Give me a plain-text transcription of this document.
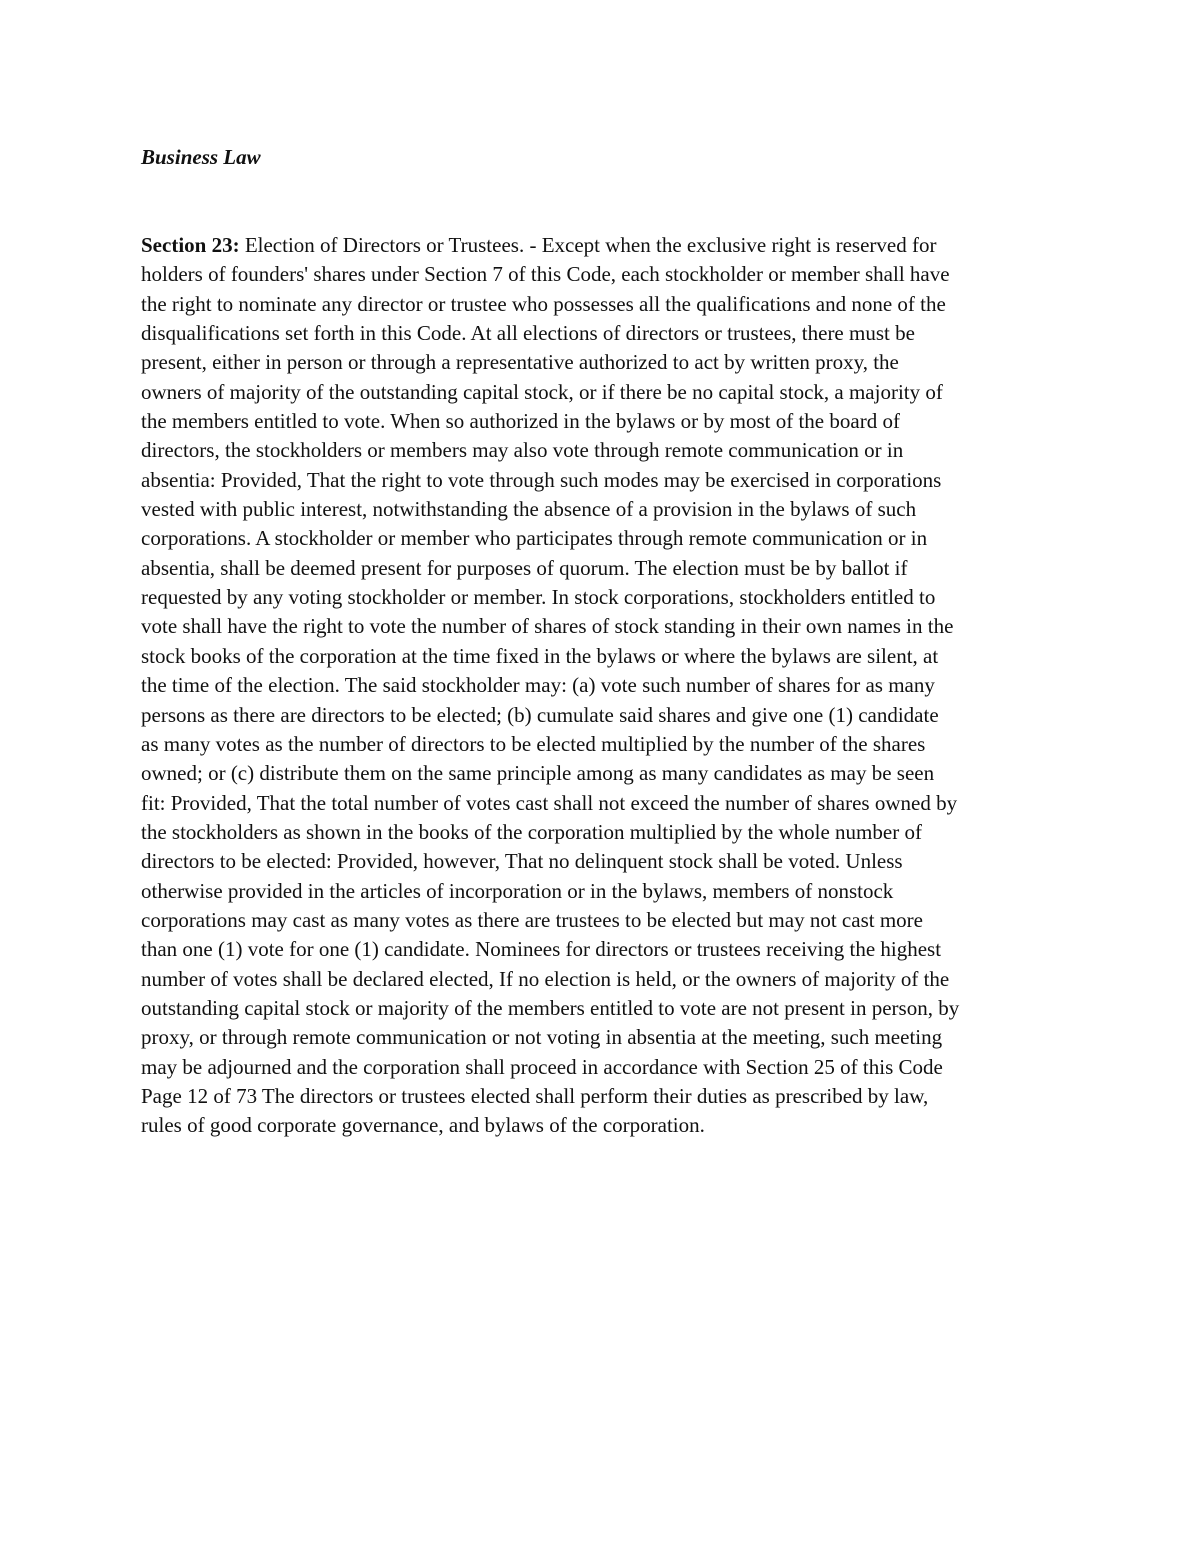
Business Law
Section 23: Election of Directors or Trustees. - Except when the exclusive right is reserved for
holders of founders' shares under Section 7 of this Code, each stockholder or member shall have
the right to nominate any director or trustee who possesses all the qualifications and none of the
disqualifications set forth in this Code. At all elections of directors or trustees, there must be
present, either in person or through a representative authorized to act by written proxy, the
owners of majority of the outstanding capital stock, or if there be no capital stock, a majority of
the members entitled to vote. When so authorized in the bylaws or by most of the board of
directors, the stockholders or members may also vote through remote communication or in
absentia: Provided, That the right to vote through such modes may be exercised in corporations
vested with public interest, notwithstanding the absence of a provision in the bylaws of such
corporations. A stockholder or member who participates through remote communication or in
absentia, shall be deemed present for purposes of quorum. The election must be by ballot if
requested by any voting stockholder or member. In stock corporations, stockholders entitled to
vote shall have the right to vote the number of shares of stock standing in their own names in the
stock books of the corporation at the time fixed in the bylaws or where the bylaws are silent, at
the time of the election. The said stockholder may: (a) vote such number of shares for as many
persons as there are directors to be elected; (b) cumulate said shares and give one (1) candidate
as many votes as the number of directors to be elected multiplied by the number of the shares
owned; or (c) distribute them on the same principle among as many candidates as may be seen
fit: Provided, That the total number of votes cast shall not exceed the number of shares owned by
the stockholders as shown in the books of the corporation multiplied by the whole number of
directors to be elected: Provided, however, That no delinquent stock shall be voted. Unless
otherwise provided in the articles of incorporation or in the bylaws, members of nonstock
corporations may cast as many votes as there are trustees to be elected but may not cast more
than one (1) vote for one (1) candidate. Nominees for directors or trustees receiving the highest
number of votes shall be declared elected, If no election is held, or the owners of majority of the
outstanding capital stock or majority of the members entitled to vote are not present in person, by
proxy, or through remote communication or not voting in absentia at the meeting, such meeting
may be adjourned and the corporation shall proceed in accordance with Section 25 of this Code
Page 12 of 73 The directors or trustees elected shall perform their duties as prescribed by law,
rules of good corporate governance, and bylaws of the corporation.
